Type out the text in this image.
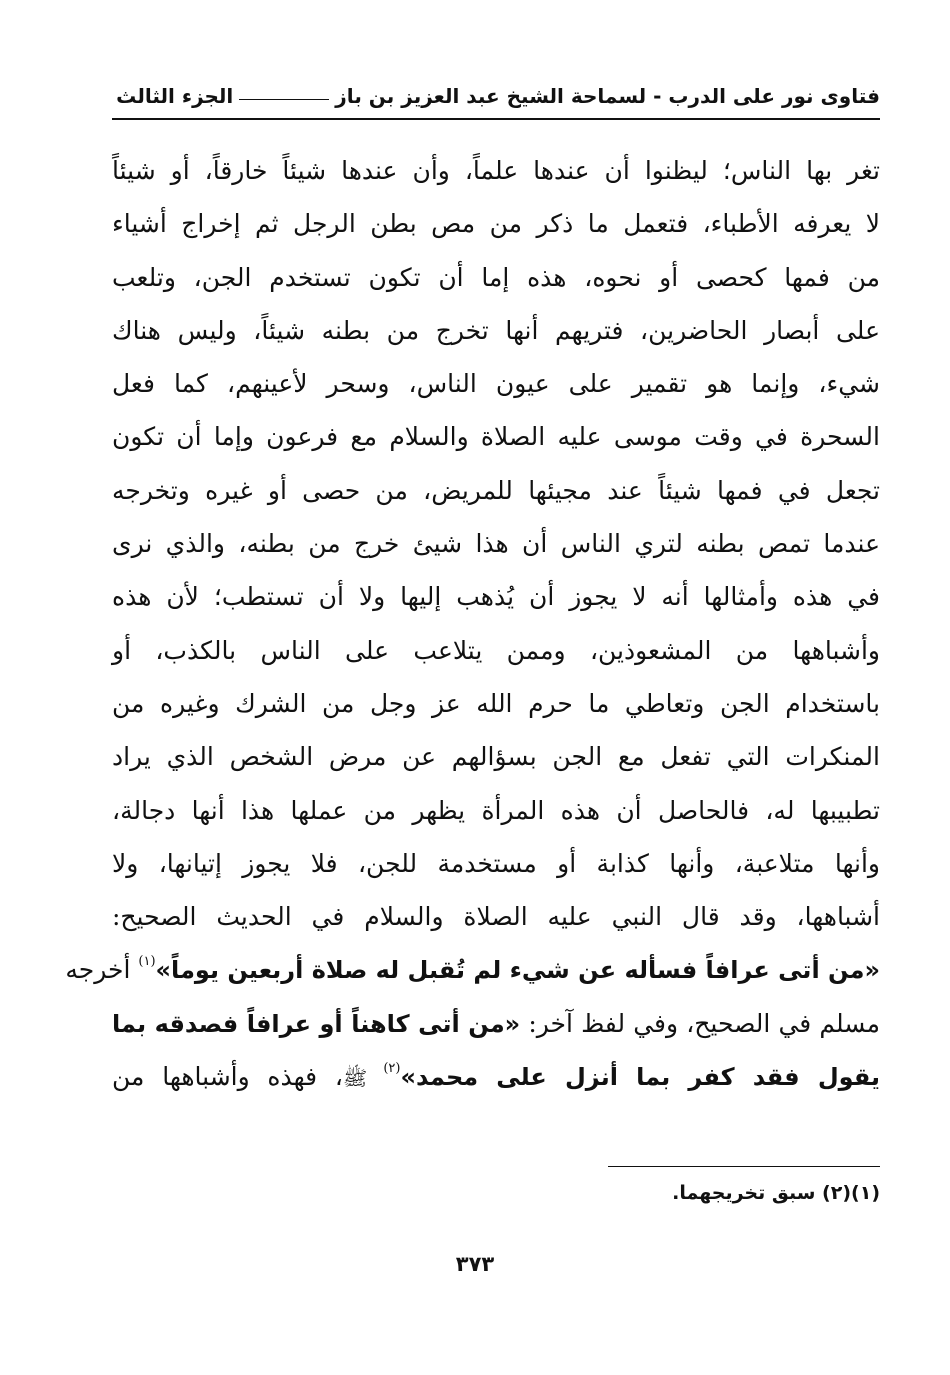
فتاوى نور على الدرب - لسماحة الشيخ عبد العزيز بن باز
الجزء الثالث
تغر بها الناس؛ ليظنوا أن عندها علماً، وأن عندها شيئاً خارقاً، أو شيئاً
لا يعرفه الأطباء، فتعمل ما ذكر من مص بطن الرجل ثم إخراج أشياء
من فمها كحصى أو نحوه، هذه إما أن تكون تستخدم الجن، وتلعب
على أبصار الحاضرين، فتريهم أنها تخرج من بطنه شيئاً، وليس هناك
شيء، وإنما هو تقمير على عيون الناس، وسحر لأعينهم، كما فعل
السحرة في وقت موسى عليه الصلاة والسلام مع فرعون وإما أن تكون
تجعل في فمها شيئاً عند مجيئها للمريض، من حصى أو غيره وتخرجه
عندما تمص بطنه لتري الناس أن هذا شيئ خرج من بطنه، والذي نرى
في هذه وأمثالها أنه لا يجوز أن يُذهب إليها ولا أن تستطب؛ لأن هذه
وأشباهها من المشعوذين، وممن يتلاعب على الناس بالكذب، أو
باستخدام الجن وتعاطي ما حرم الله عز وجل من الشرك وغيره من
المنكرات التي تفعل مع الجن بسؤالهم عن مرض الشخص الذي يراد
تطبيبها له، فالحاصل أن هذه المرأة يظهر من عملها هذا أنها دجالة،
وأنها متلاعبة، وأنها كذابة أو مستخدمة للجن، فلا يجوز إتيانها، ولا
أشباهها، وقد قال النبي عليه الصلاة والسلام في الحديث الصحيح:
«من أتى عرافاً فسأله عن شيء لم تُقبل له صلاة أربعين يوماً»$^{(١)}$ أخرجه
مسلم في الصحيح، وفي لفظ آخر: «من أتى كاهناً أو عرافاً فصدقه بما
يقول فقد كفر بما أنزل على محمد»$^{(٢)}$ ﷺ، فهذه وأشباهها من
(١)(٢) سبق تخريجهما.
٣٧٣
